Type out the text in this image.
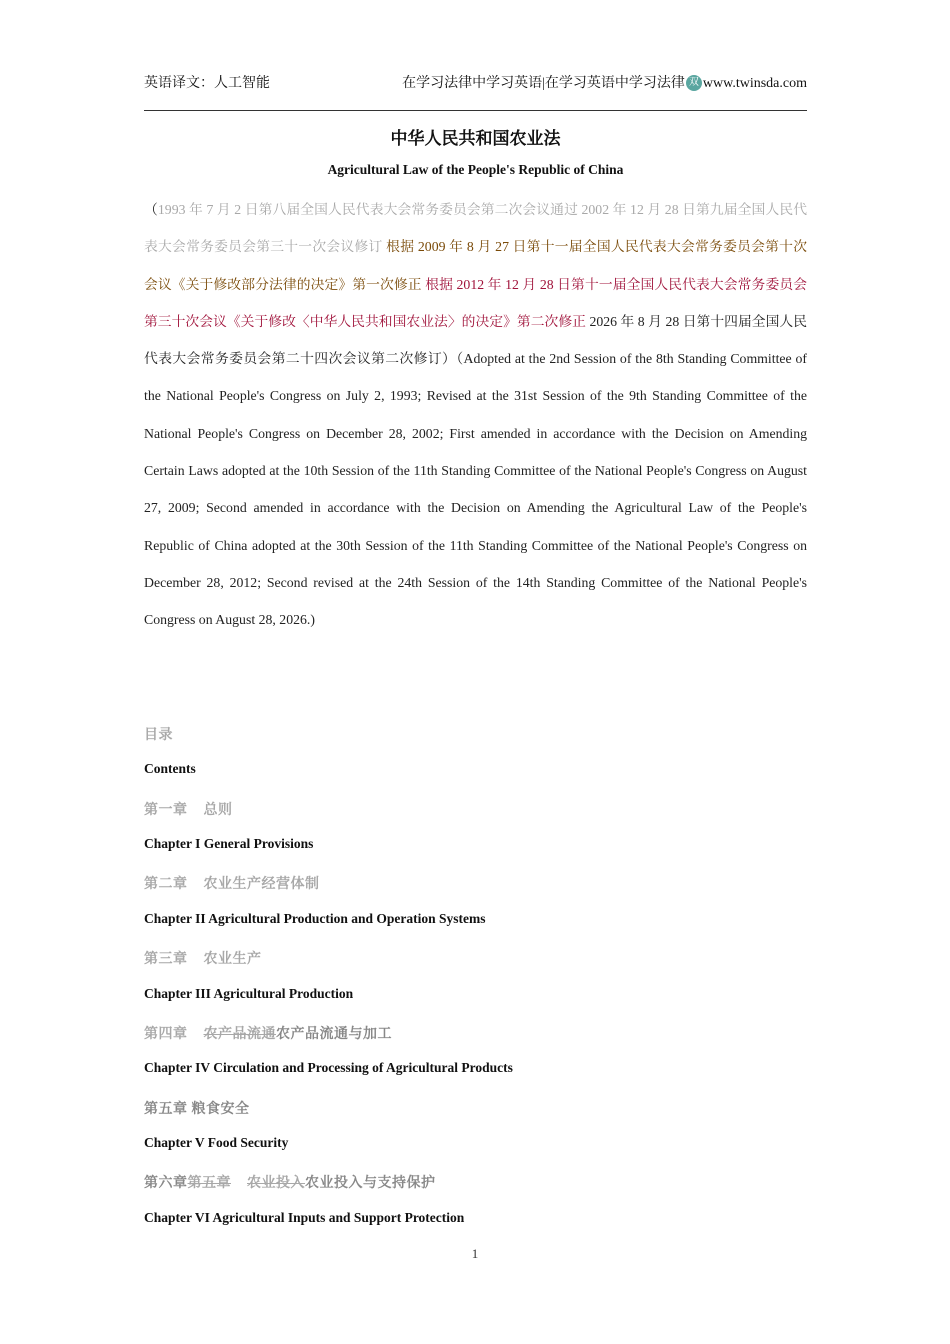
英语译文：人工智能	在学习法律中学习英语|在学习英语中学习法律 双 www.twinsda.com
中华人民共和国农业法
Agricultural Law of the People's Republic of China
（1993 年 7 月 2 日第八届全国人民代表大会常务委员会第二次会议通过 2002 年 12 月 28 日第九届全国人民代表大会常务委员会第三十一次会议修订 根据 2009 年 8 月 27 日第十一届全国人民代表大会常务委员会第十次会议《关于修改部分法律的决定》第一次修正 根据 2012 年 12 月 28 日第十一届全国人民代表大会常务委员会第三十次会议《关于修改〈中华人民共和国农业法〉的决定》第二次修正 2026 年 8 月 28 日第十四届全国人民代表大会常务委员会第二十四次会议第二次修订）（Adopted at the 2nd Session of the 8th Standing Committee of the National People's Congress on July 2, 1993; Revised at the 31st Session of the 9th Standing Committee of the National People's Congress on December 28, 2002; First amended in accordance with the Decision on Amending Certain Laws adopted at the 10th Session of the 11th Standing Committee of the National People's Congress on August 27, 2009; Second amended in accordance with the Decision on Amending the Agricultural Law of the People's Republic of China adopted at the 30th Session of the 11th Standing Committee of the National People's Congress on December 28, 2012; Second revised at the 24th Session of the 14th Standing Committee of the National People's Congress on August 28, 2026.)
目录
Contents
第一章 总则
Chapter I General Provisions
第二章 农业生产经营体制
Chapter II Agricultural Production and Operation Systems
第三章 农业生产
Chapter III Agricultural Production
第四章 农产品流通农产品流通与加工
Chapter IV Circulation and Processing of Agricultural Products
第五章 粮食安全
Chapter V Food Security
第六章第五章 农业投入农业投入与支持保护
Chapter VI Agricultural Inputs and Support Protection
1
